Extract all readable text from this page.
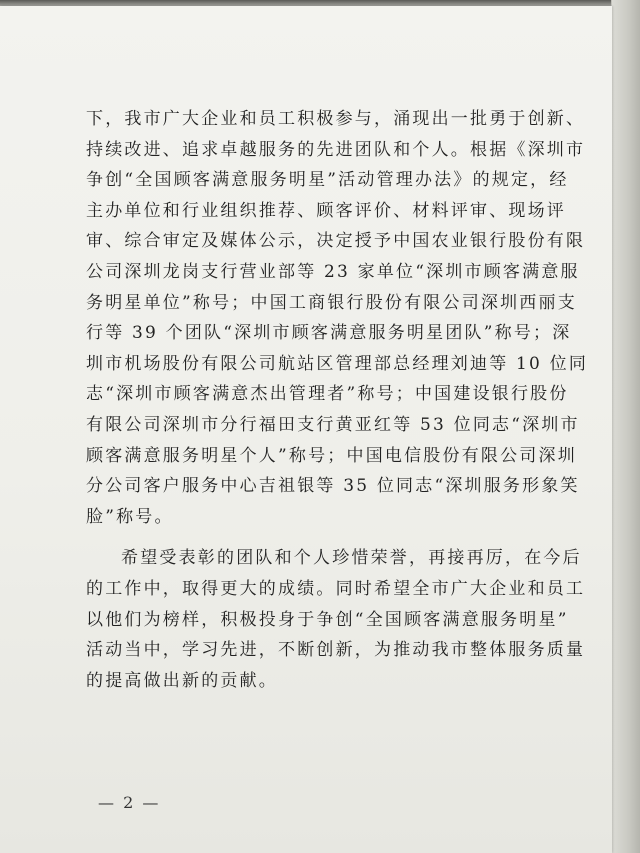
下，我市广大企业和员工积极参与，涌现出一批勇于创新、
持续改进、追求卓越服务的先进团队和个人。根据《深圳市
争创“全国顾客满意服务明星”活动管理办法》的规定，经
主办单位和行业组织推荐、顾客评价、材料评审、现场评
审、综合审定及媒体公示，决定授予中国农业银行股份有限
公司深圳龙岗支行营业部等 23 家单位“深圳市顾客满意服
务明星单位”称号；中国工商银行股份有限公司深圳西丽支
行等 39 个团队“深圳市顾客满意服务明星团队”称号；深
圳市机场股份有限公司航站区管理部总经理刘迪等 10 位同
志“深圳市顾客满意杰出管理者”称号；中国建设银行股份
有限公司深圳市分行福田支行黄亚红等 53 位同志“深圳市
顾客满意服务明星个人”称号；中国电信股份有限公司深圳
分公司客户服务中心吉祖银等 35 位同志“深圳服务形象笑
脸”称号。
希望受表彰的团队和个人珍惜荣誉，再接再厉，在今后
的工作中，取得更大的成绩。同时希望全市广大企业和员工
以他们为榜样，积极投身于争创“全国顾客满意服务明星”
活动当中，学习先进，不断创新，为推动我市整体服务质量
的提高做出新的贡献。
— 2 —
